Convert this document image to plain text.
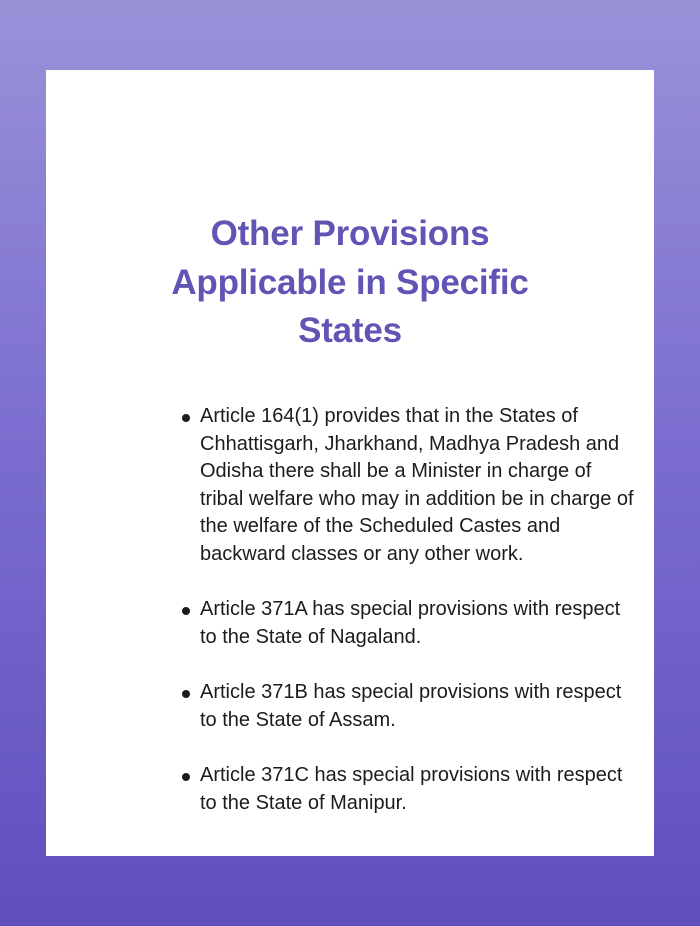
Other Provisions Applicable in Specific States
Article 164(1) provides that in the States of Chhattisgarh, Jharkhand, Madhya Pradesh and Odisha there shall be a Minister in charge of tribal welfare who may in addition be in charge of the welfare of the Scheduled Castes and backward classes or any other work.
Article 371A has special provisions with respect to the State of Nagaland.
Article 371B has special provisions with respect to the State of Assam.
Article 371C has special provisions with respect to the State of Manipur.
